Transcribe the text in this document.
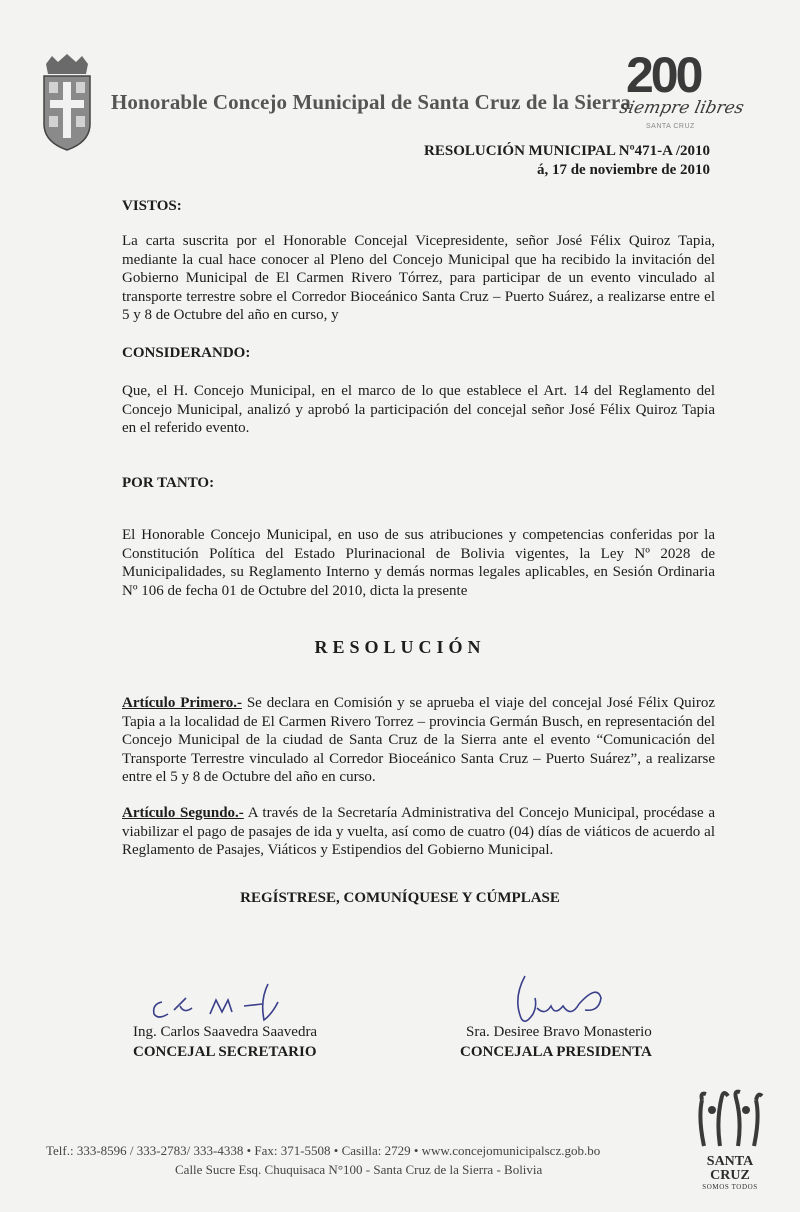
Honorable Concejo Municipal de Santa Cruz de la Sierra
200
siempre libres
SANTA CRUZ
RESOLUCIÓN MUNICIPAL Nº471-A /2010
á, 17 de noviembre de 2010
VISTOS:
La carta suscrita por el Honorable Concejal Vicepresidente, señor José Félix Quiroz Tapia, mediante la cual hace conocer al Pleno del Concejo Municipal que ha recibido la invitación del Gobierno Municipal de El Carmen Rivero Tórrez, para participar de un evento vinculado al transporte terrestre sobre el Corredor Bioceánico Santa Cruz – Puerto Suárez, a realizarse entre el 5 y 8 de Octubre del año en curso, y
CONSIDERANDO:
Que, el H. Concejo Municipal, en el marco de lo que establece el Art. 14 del Reglamento del Concejo Municipal, analizó y aprobó la participación del concejal señor José Félix Quiroz Tapia en el referido evento.
POR TANTO:
El Honorable Concejo Municipal, en uso de sus atribuciones y competencias conferidas por la Constitución Política del Estado Plurinacional de Bolivia vigentes, la Ley Nº 2028 de Municipalidades, su Reglamento Interno y demás normas legales aplicables, en Sesión Ordinaria Nº 106 de fecha 01 de Octubre del 2010, dicta la presente
RESOLUCIÓN
Artículo Primero.- Se declara en Comisión y se aprueba el viaje del concejal José Félix Quiroz Tapia a la localidad de El Carmen Rivero Torrez – provincia Germán Busch, en representación del Concejo Municipal de la ciudad de Santa Cruz de la Sierra ante el evento “Comunicación del Transporte Terrestre vinculado al Corredor Bioceánico Santa Cruz – Puerto Suárez”, a realizarse entre el 5 y 8 de Octubre del año en curso.
Artículo Segundo.- A través de la Secretaría Administrativa del Concejo Municipal, procédase a viabilizar el pago de pasajes de ida y vuelta, así como de cuatro (04) días de viáticos de acuerdo al Reglamento de Pasajes, Viáticos y Estipendios del Gobierno Municipal.
REGÍSTRESE, COMUNÍQUESE Y CÚMPLASE
Ing. Carlos Saavedra Saavedra
CONCEJAL SECRETARIO
Sra. Desiree Bravo Monasterio
CONCEJALA PRESIDENTA
Telf.: 333-8596 / 333-2783/ 333-4338 • Fax: 371-5508 • Casilla: 2729 • www.concejomunicipalscz.gob.bo
Calle Sucre Esq. Chuquisaca N°100 - Santa Cruz de la Sierra - Bolivia
SANTA CRUZ
SOMOS TODOS
